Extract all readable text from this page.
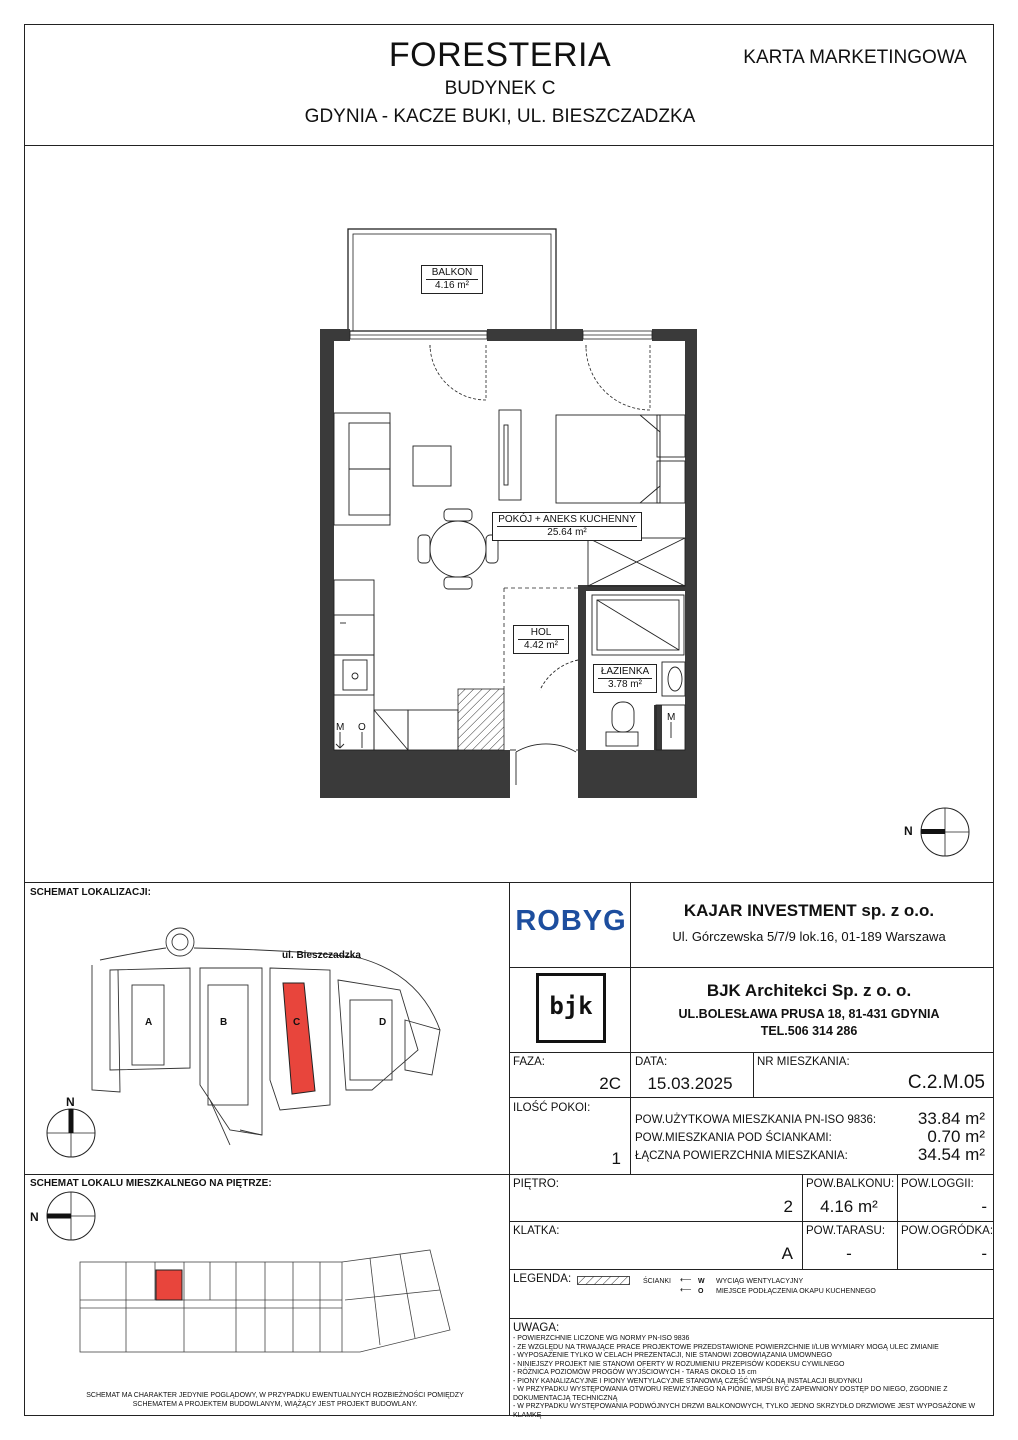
FORESTERIA
BUDYNEK C
GDYNIA - KACZE BUKI, UL. BIESZCZADZKA
KARTA MARKETINGOWA
BALKON
4.16 m²
POKÓJ + ANEKS KUCHENNY
25.64 m²
HOL
4.42 m²
ŁAZIENKA
3.78 m²
M O
M
N
SCHEMAT LOKALIZACJI:
ul. Bieszczadzka
A	B	C	D
N
SCHEMAT LOKALU MIESZKALNEGO NA PIĘTRZE:
N
SCHEMAT MA CHARAKTER JEDYNIE POGLĄDOWY, W PRZYPADKU EWENTUALNYCH ROZBIEŻNOŚCI POMIĘDZY SCHEMATEM A PROJEKTEM BUDOWLANYM, WIĄŻĄCY JEST PROJEKT BUDOWLANY.
ROBYG	KAJAR INVESTMENT sp. z o.o.
Ul. Górczewska 5/7/9 lok.16, 01-189 Warszawa
bjk
BJK Architekci Sp. z o. o.
UL.BOLESŁAWA PRUSA 18, 81-431 GDYNIA
TEL.506 314 286
FAZA:
2C
DATA:
15.03.2025
NR MIESZKANIA:
C.2.M.05
ILOŚĆ POKOI:
1
POW.UŻYTKOWA MIESZKANIA PN-ISO 9836:	33.84 m²
POW.MIESZKANIA POD ŚCIANKAMI:	0.70 m²
ŁĄCZNA POWIERZCHNIA MIESZKANIA:	34.54 m²
PIĘTRO:
2
POW.BALKONU:
4.16 m²
POW.LOGGII:
-
KLATKA:
A
POW.TARASU:
-
POW.OGRÓDKA:
-
LEGENDA:	ŚCIANKI ⟵ W WYCIĄG WENTYLACYJNY
⟵ O MIEJSCE PODŁĄCZENIA OKAPU KUCHENNEGO
UWAGA:
- POWIERZCHNIE LICZONE WG NORMY PN-ISO 9836
- ZE WZGLĘDU NA TRWAJĄCE PRACE PROJEKTOWE PRZEDSTAWIONE POWIERZCHNIE I/LUB WYMIARY MOGĄ ULEC ZMIANIE
- WYPOSAŻENIE TYLKO W CELACH PREZENTACJI, NIE STANOWI ZOBOWIĄZANIA UMOWNEGO
- NINIEJSZY PROJEKT NIE STANOWI OFERTY W ROZUMIENIU PRZEPISÓW KODEKSU CYWILNEGO
- RÓŻNICA POZIOMÓW PROGÓW WYJŚCIOWYCH - TARAS OKOŁO 15 cm
- PIONY KANALIZACYJNE I PIONY WENTYLACYJNE STANOWIĄ CZĘŚĆ WSPÓLNĄ INSTALACJI BUDYNKU
- W PRZYPADKU WYSTĘPOWANIA OTWORU REWIZYJNEGO NA PIONIE, MUSI BYĆ ZAPEWNIONY DOSTĘP DO NIEGO, ZGODNIE Z DOKUMENTACJĄ TECHNICZNĄ
- W PRZYPADKU WYSTĘPOWANIA PODWÓJNYCH DRZWI BALKONOWYCH, TYLKO JEDNO SKRZYDŁO DRZWIOWE JEST WYPOSAŻONE W KLAMKĘ
